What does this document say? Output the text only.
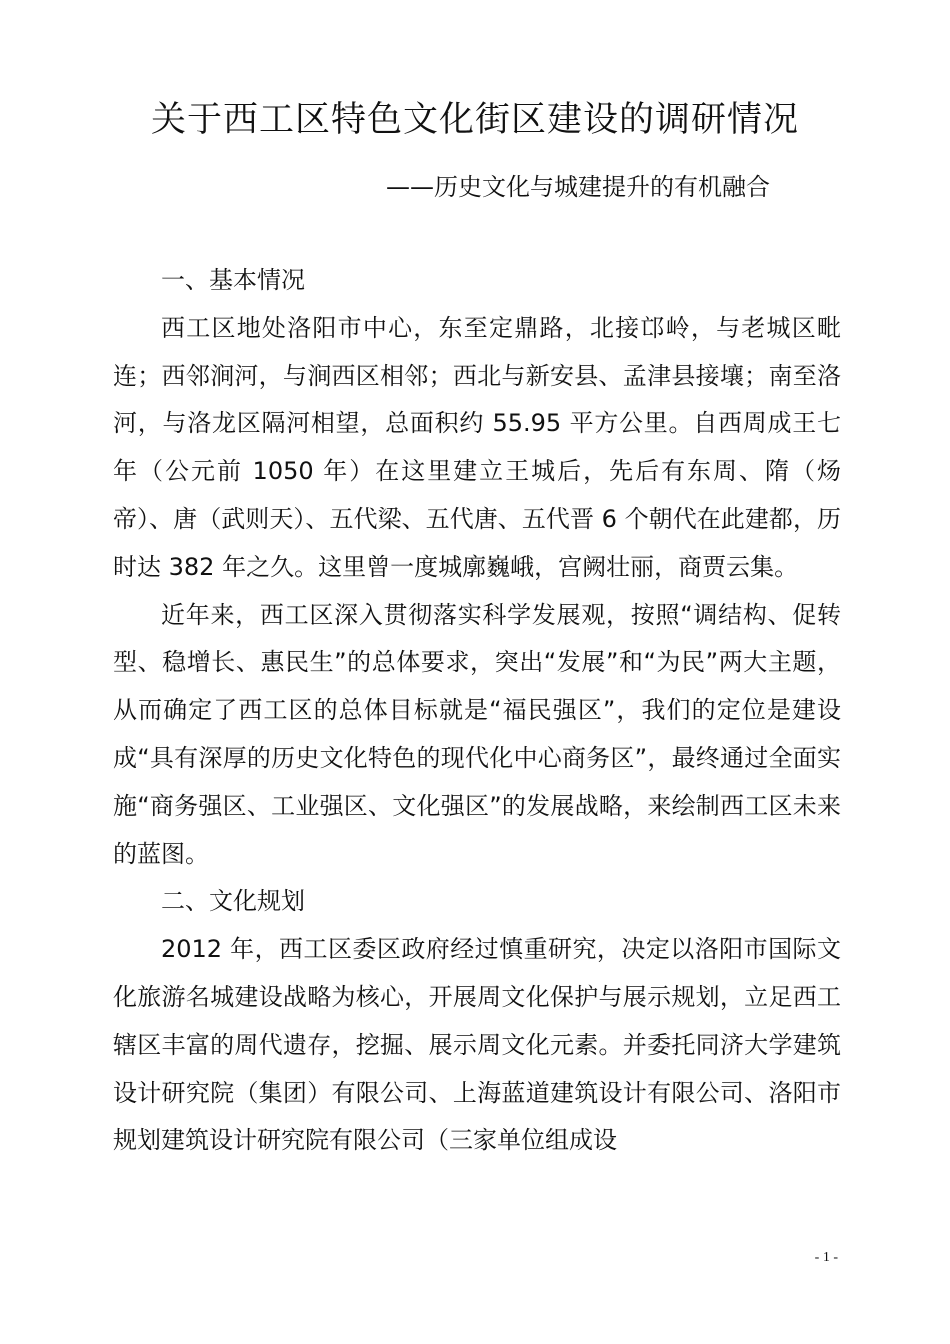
关于西工区特色文化街区建设的调研情况
——历史文化与城建提升的有机融合
一、基本情况

西工区地处洛阳市中心，东至定鼎路，北接邙岭，与老城区毗连；西邻涧河，与涧西区相邻；西北与新安县、孟津县接壤；南至洛河，与洛龙区隔河相望，总面积约 55.95 平方公里。自西周成王七年（公元前 1050 年）在这里建立王城后，先后有东周、隋（炀帝）、唐（武则天）、五代梁、五代唐、五代晋 6 个朝代在此建都，历时达 382 年之久。这里曾一度城廓巍峨，宫阙壮丽，商贾云集。

近年来，西工区深入贯彻落实科学发展观，按照“调结构、促转型、稳增长、惠民生”的总体要求，突出“发展”和“为民”两大主题，从而确定了西工区的总体目标就是“福民强区”，我们的定位是建设成“具有深厚的历史文化特色的现代化中心商务区”，最终通过全面实施“商务强区、工业强区、文化强区”的发展战略，来绘制西工区未来的蓝图。

二、文化规划

2012 年，西工区委区政府经过慎重研究，决定以洛阳市国际文化旅游名城建设战略为核心，开展周文化保护与展示规划，立足西工辖区丰富的周代遗存，挖掘、展示周文化元素。并委托同济大学建筑设计研究院（集团）有限公司、上海蓝道建筑设计有限公司、洛阳市规划建筑设计研究院有限公司（三家单位组成设

- 1 -
